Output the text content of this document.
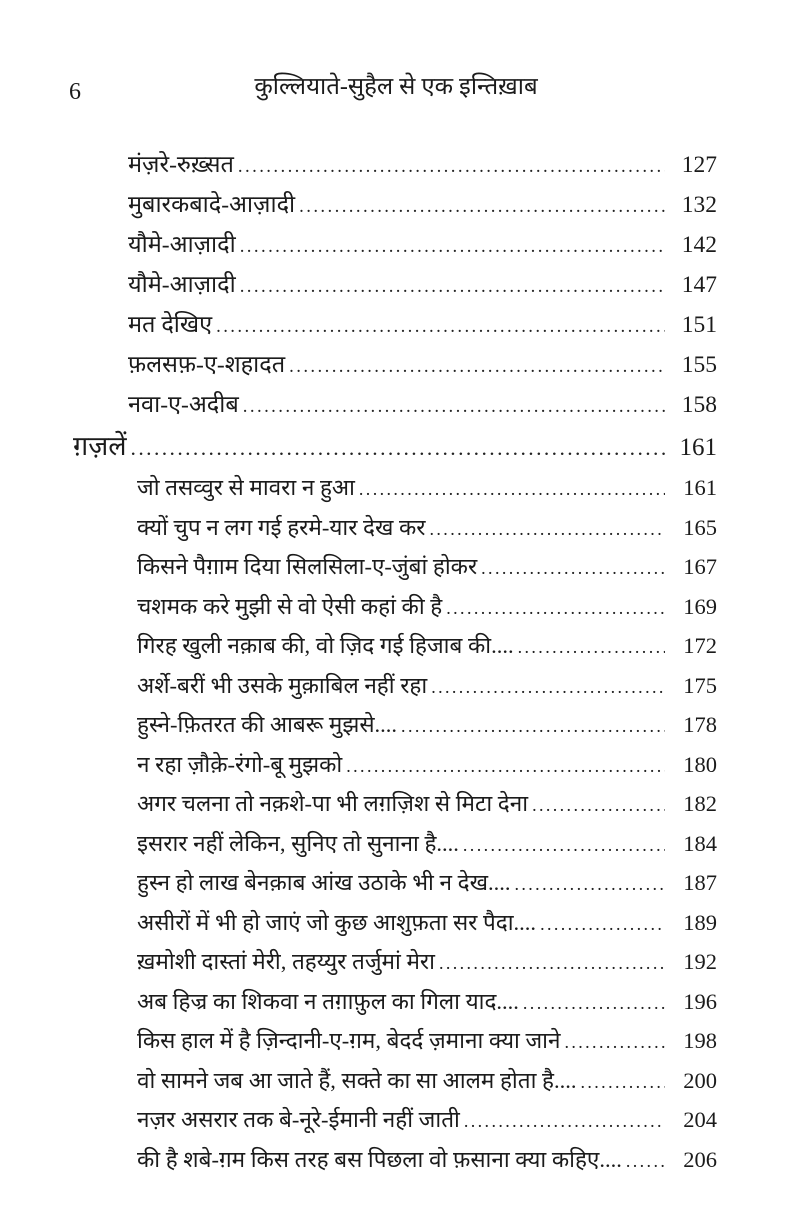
6	कुल्लियाते-सुहैल से एक इन्तिख़ाब
मंज़रे-रुख़्सत .....	127
मुबारकबादे-आज़ादी .....	132
यौमे-आज़ादी .....	142
यौमे-आज़ादी .....	147
मत देखिए .....	151
फ़लसफ़-ए-शहादत .....	155
नवा-ए-अदीब .....	158
ग़ज़लें .....	161
जो तसव्वुर से मावरा न हुआ .....	161
क्यों चुप न लग गई हरमे-यार देख कर .....	165
किसने पैग़ाम दिया सिलसिला-ए-जुंबां होकर .....	167
चशमक करे मुझी से वो ऐसी कहां की है .....	169
गिरह खुली नक़ाब की, वो ज़िद गई हिजाब की.... .....	172
अर्शे-बरीं भी उसके मुक़ाबिल नहीं रहा .....	175
हुस्ने-फ़ितरत की आबरू मुझसे.... .....	178
न रहा ज़ौक़े-रंगो-बू मुझको .....	180
अगर चलना तो नक़शे-पा भी लग़ज़िश से मिटा देना .....	182
इसरार नहीं लेकिन, सुनिए तो सुनाना है.... .....	184
हुस्न हो लाख बेनक़ाब आंख उठाके भी न देख.... .....	187
असीरों में भी हो जाएं जो कुछ आशुफ़ता सर पैदा.... .....	189
ख़मोशी दास्तां मेरी, तहय्युर तर्जुमां मेरा .....	192
अब हिज्र का शिकवा न तग़ाफ़ुल का गिला याद.... .....	196
किस हाल में है ज़िन्दानी-ए-ग़म, बेदर्द ज़माना क्या जाने .....	198
वो सामने जब आ जाते हैं, सक्ते का सा आलम होता है.... .....	200
नज़र असरार तक बे-नूरे-ईमानी नहीं जाती .....	204
की है शबे-ग़म किस तरह बस पिछला वो फ़साना क्या कहिए.... .....	206
